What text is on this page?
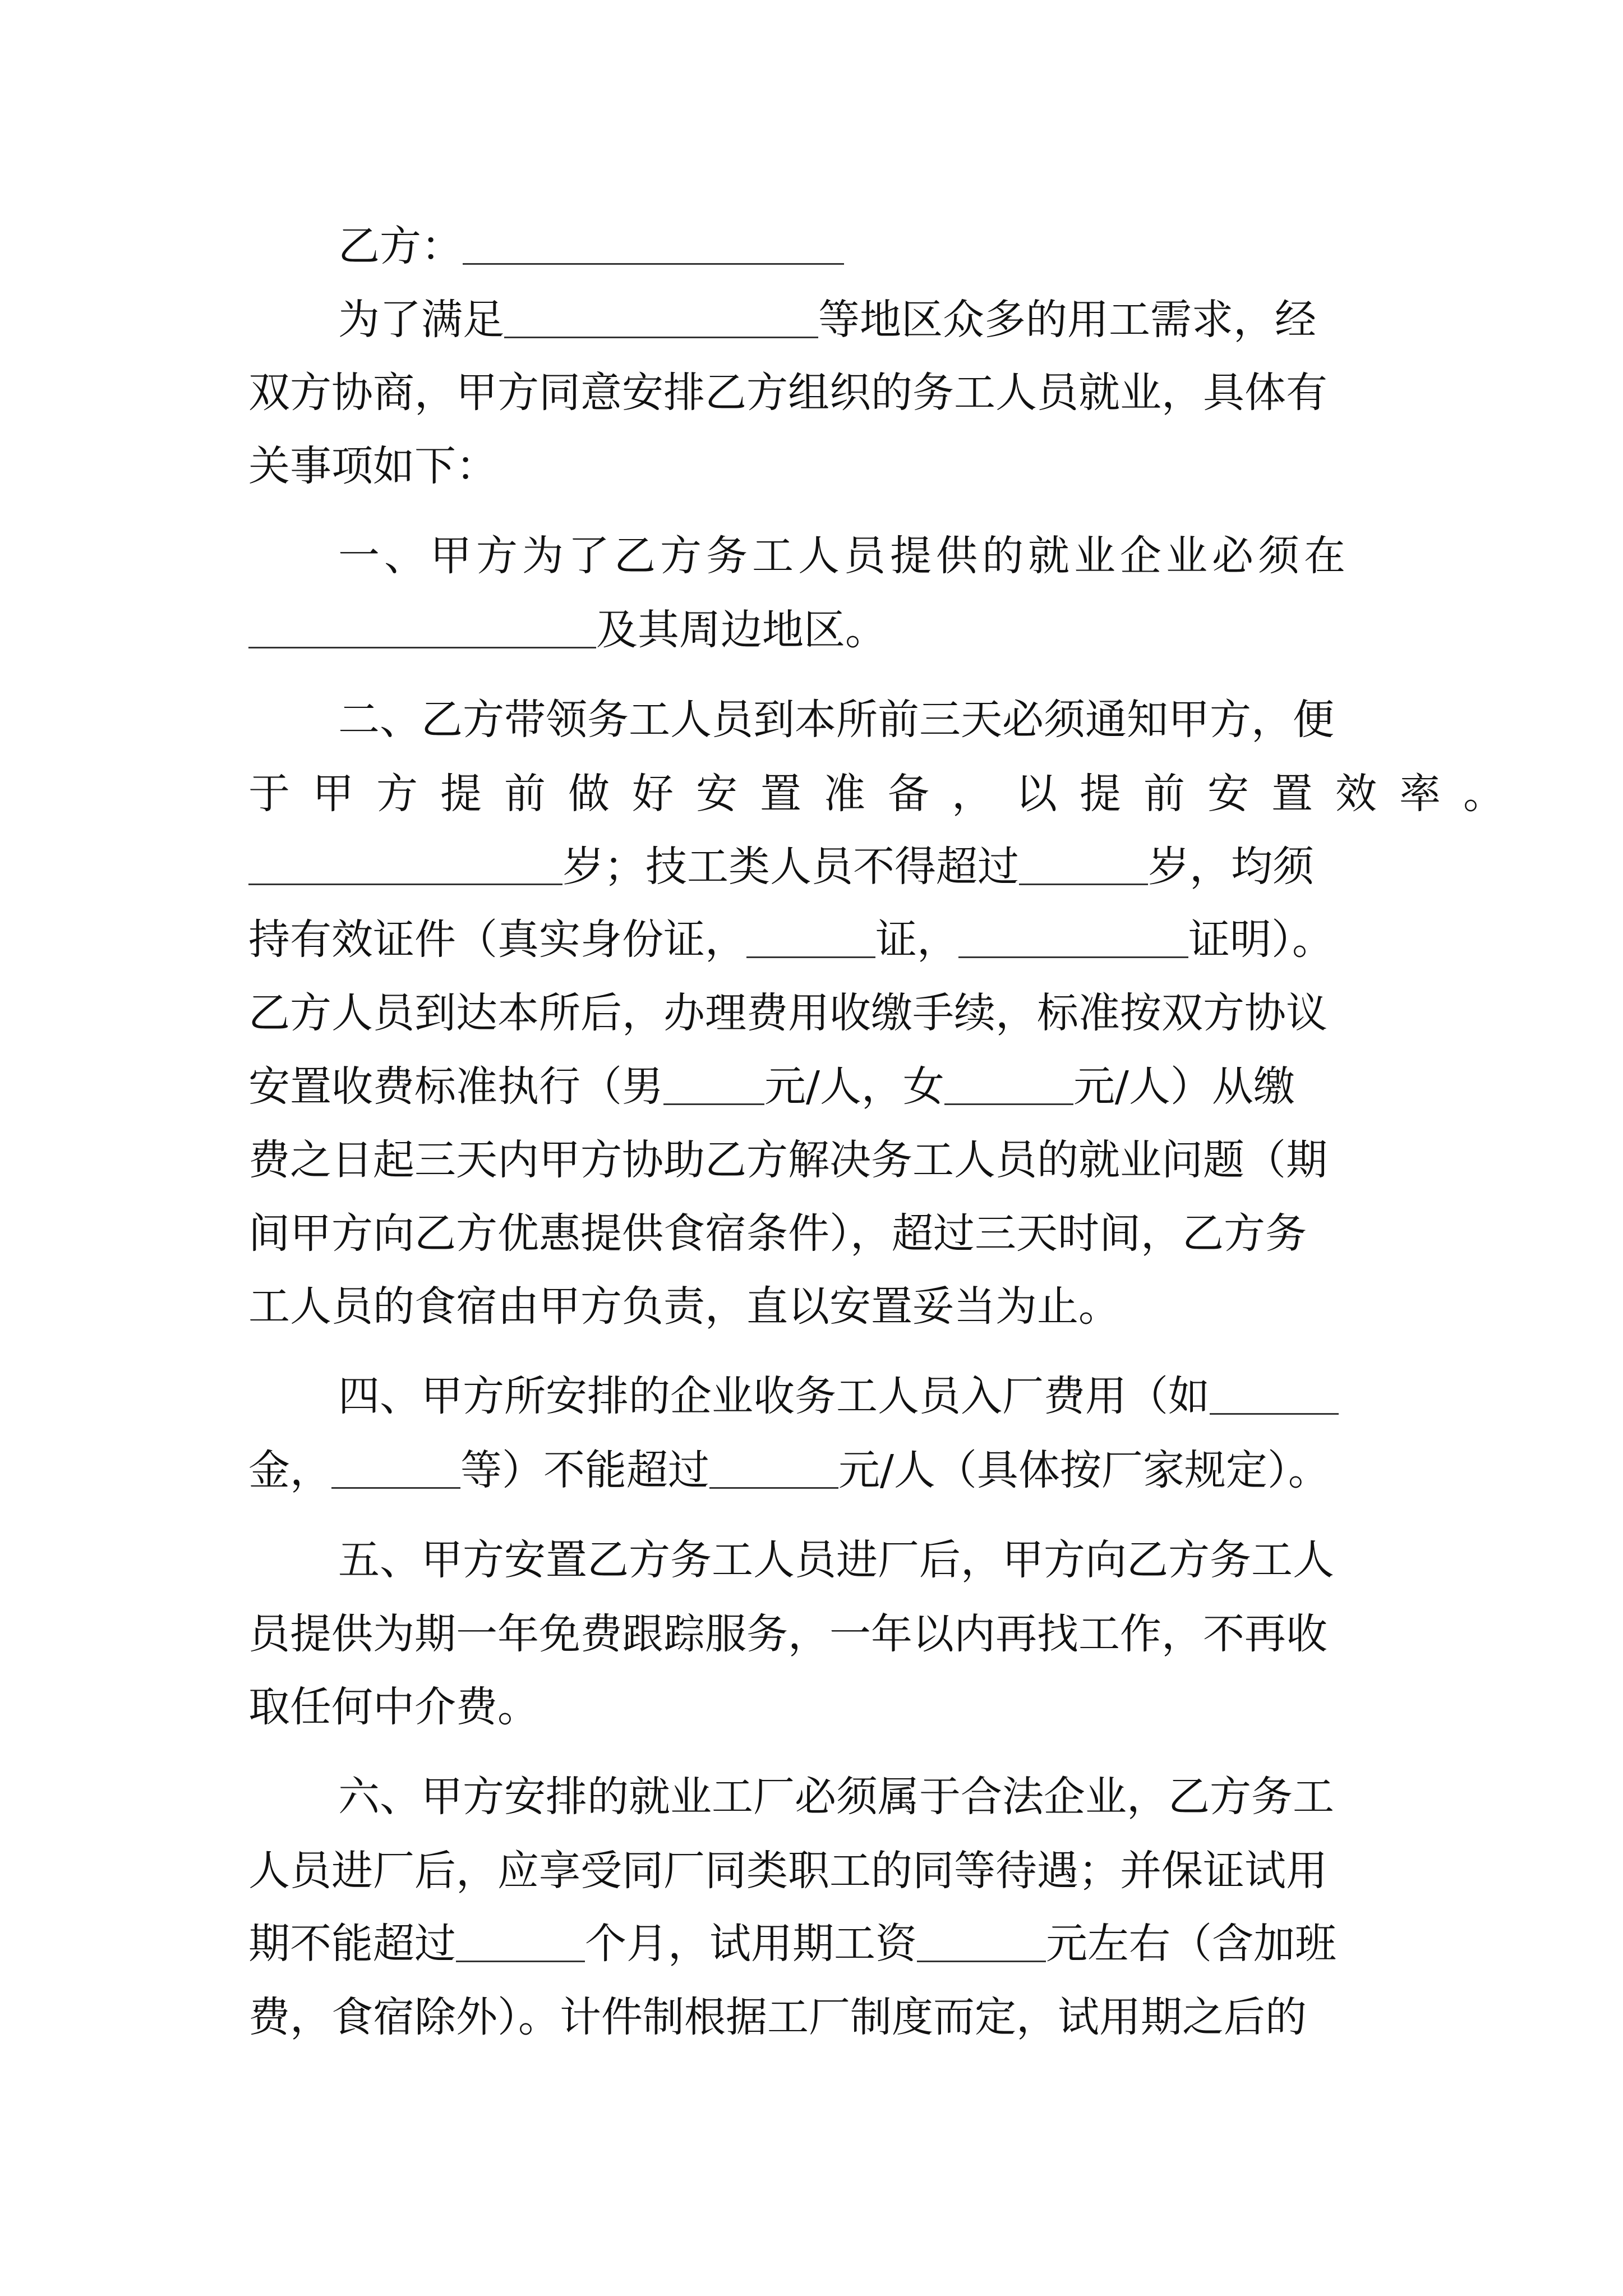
乙方：
为了满足	等地区众多的用工需求，经
双方协商，甲方同意安排乙方组织的务工人员就业，具体有
关事项如下：
一、甲方为了乙方务工人员提供的就业企业必须在
及其周边地区。
二、乙方带领务工人员到本所前三天必须通知甲方，便
于甲方提前做好安置准备，以提前安置效率。
岁；技工类人员不得超过	岁，均须
持有效证件（真实身份证，	证，	证明）。
乙方人员到达本所后，办理费用收缴手续，标准按双方协议
安置收费标准执行（男 元/人，女	元/人）从缴
费之日起三天内甲方协助乙方解决务工人员的就业问题（期
间甲方向乙方优惠提供食宿条件），超过三天时间，乙方务
工人员的食宿由甲方负责，直以安置妥当为止。
四、甲方所安排的企业收务工人员入厂费用（如
金，	等）不能超过	元/人（具体按厂家规定）。
五、甲方安置乙方务工人员进厂后，甲方向乙方务工人
员提供为期一年免费跟踪服务，一年以内再找工作，不再收
取任何中介费。
六、甲方安排的就业工厂必须属于合法企业，乙方务工
人员进厂后，应享受同厂同类职工的同等待遇；并保证试用
期不能超过	个月，试用期工资	元左右（含加班
费，食宿除外）。计件制根据工厂制度而定，试用期之后的
